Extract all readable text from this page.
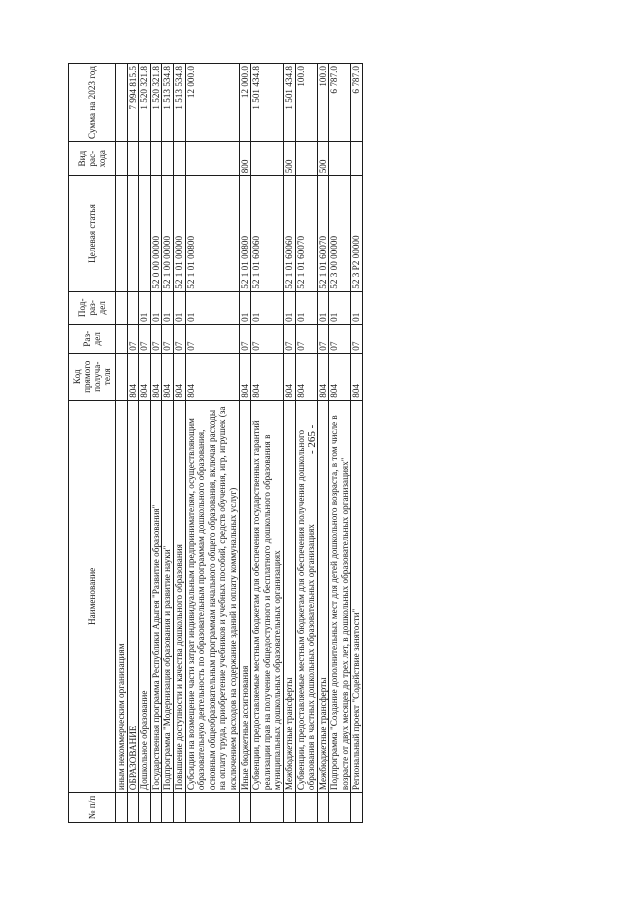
- 265 -
№ п/п	Наименование	Код прямого получа-теля	Раз-дел	Под-раз-дел	Целевая статья	Вид рас-хода	Сумма на 2023 год
	иным некоммерческим организациям						
	ОБРАЗОВАНИЕ	804	07				7 994 815.5
	Дошкольное образование	804	07	01			1 520 321.8
	Государственная программа Республики Адыгея "Развитие образования"	804	07	01	52 0 00 00000		1 520 321.8
	Подпрограмма "Модернизация образования и развитие науки"	804	07	01	52 1 00 00000		1 513 534.8
	Повышение доступности и качества дошкольного образования	804	07	01	52 1 01 00000		1 513 534.8
	Субсидии на возмещение части затрат индивидуальным предпринимателям, осуществляющим образовательную деятельность по образовательным программам дошкольного образования, основным общеобразовательным программам начального общего образования, включая расходы на оплату труда, приобретение учебников и учебных пособий, средств обучения, игр, игрушек (за исключением расходов на содержание зданий и оплату коммунальных услуг)	804	07	01	52 1 01 00800		12 000.0
	Иные бюджетные ассигнования	804	07	01	52 1 01 00800	800	12 000.0
	Субвенции, предоставляемые местным бюджетам для обеспечения государственных гарантий реализации прав на получение общедоступного и бесплатного дошкольного образования в муниципальных дошкольных образовательных организациях	804	07	01	52 1 01 60060		1 501 434.8
	Межбюджетные трансферты	804	07	01	52 1 01 60060	500	1 501 434.8
	Субвенции, предоставляемые местным бюджетам для обеспечения получения дошкольного образования в частных дошкольных образовательных организациях	804	07	01	52 1 01 60070		100.0
	Межбюджетные трансферты	804	07	01	52 1 01 60070	500	100.0
	Подпрограмма "Создание дополнительных мест для детей дошкольного возраста, в том числе в возрасте от двух месяцев до трех лет, в дошкольных образовательных организациях"	804	07	01	52 3 00 00000		6 787.0
	Региональный проект "Содействие занятости"	804	07	01	52 3 P2 00000		6 787.0
